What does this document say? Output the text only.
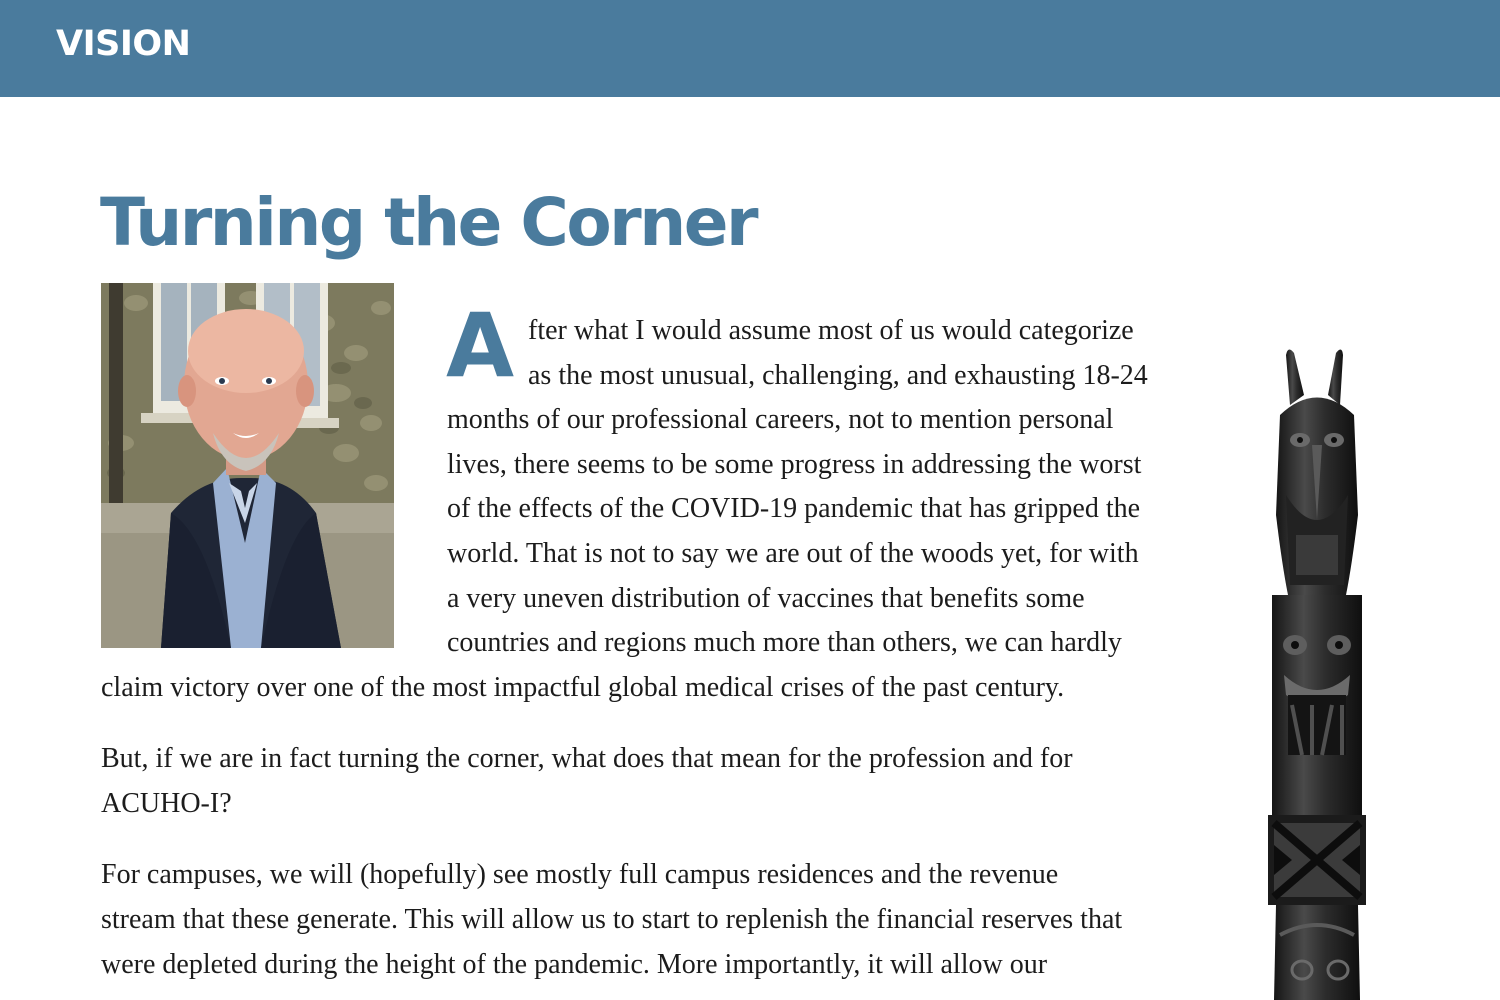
VISION
Turning the Corner
A fter what I would assume most of us would categorize

as the most unusual, challenging, and exhausting 18-24

months of our professional careers, not to mention personal

lives, there seems to be some progress in addressing the worst

of the effects of the COVID-19 pandemic that has gripped the

world. That is not to say we are out of the woods yet, for with

a very uneven distribution of vaccines that benefits some

countries and regions much more than others, we can hardly

claim victory over one of the most impactful global medical crises of the past century.

But, if we are in fact turning the corner, what does that mean for the profession and for

ACUHO-I?

For campuses, we will (hopefully) see mostly full campus residences and the revenue

stream that these generate. This will allow us to start to replenish the financial reserves that

were depleted during the height of the pandemic. More importantly, it will allow our
